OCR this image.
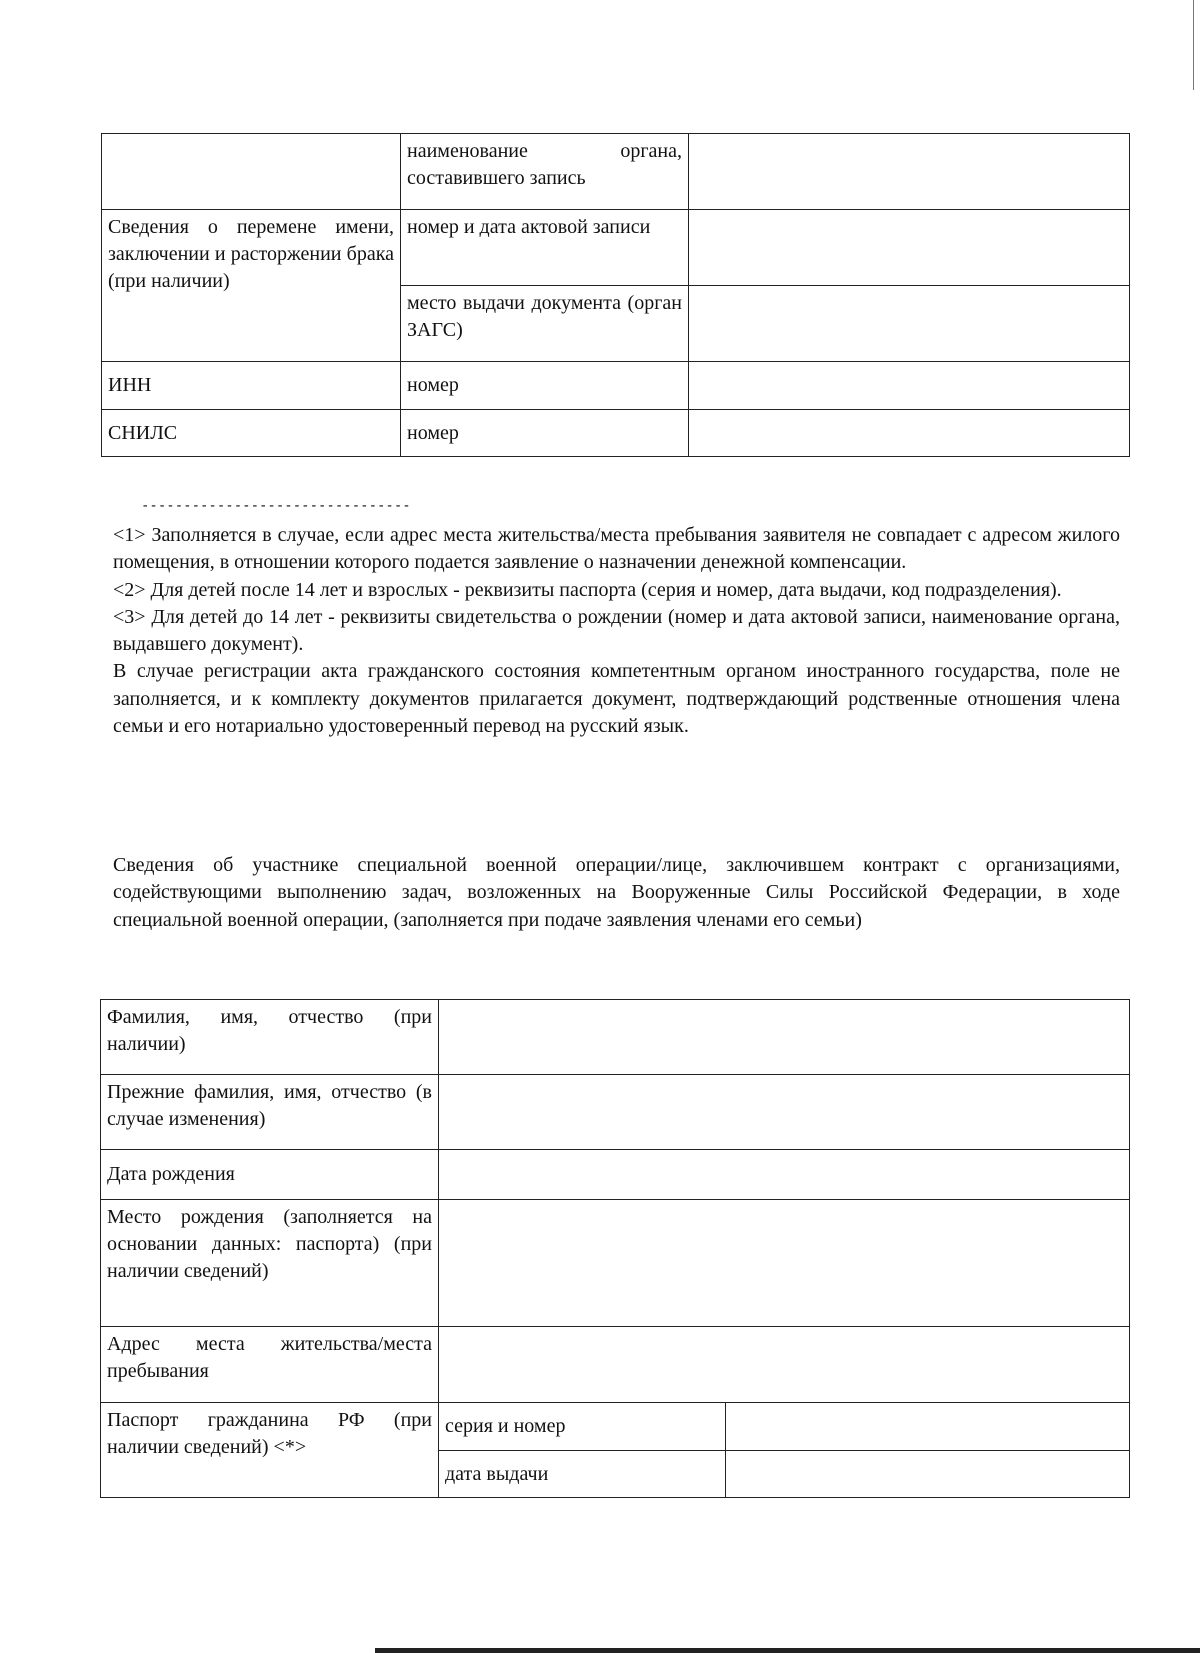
	наименование органа, составившего запись	
Сведения о перемене имени, заключении и расторжении брака (при наличии)	номер и дата актовой записи	
	место выдачи документа (орган ЗАГС)	
ИНН	номер	
СНИЛС	номер	
--------------------------------

<1> Заполняется в случае, если адрес места жительства/места пребывания заявителя не совпадает с адресом жилого помещения, в отношении которого подается заявление о назначении денежной компенсации.

<2> Для детей после 14 лет и взрослых - реквизиты паспорта (серия и номер, дата выдачи, код подразделения).

<3> Для детей до 14 лет - реквизиты свидетельства о рождении (номер и дата актовой записи, наименование органа, выдавшего документ).

В случае регистрации акта гражданского состояния компетентным органом иностранного государства, поле не заполняется, и к комплекту документов прилагается документ, подтверждающий родственные отношения члена семьи и его нотариально удостоверенный перевод на русский язык.

Сведения об участнике специальной военной операции/лице, заключившем контракт с организациями, содействующими выполнению задач, возложенных на Вооруженные Силы Российской Федерации, в ходе специальной военной операции, (заполняется при подаче заявления членами его семьи)

Фамилия, имя, отчество (при наличии)		
Прежние фамилия, имя, отчество (в случае изменения)		
Дата рождения		
Место рождения (заполняется на основании данных: паспорта) (при наличии сведений)		
Адрес места жительства/места пребывания		
Паспорт гражданина РФ (при наличии сведений) <*>	серия и номер	
	дата выдачи	
